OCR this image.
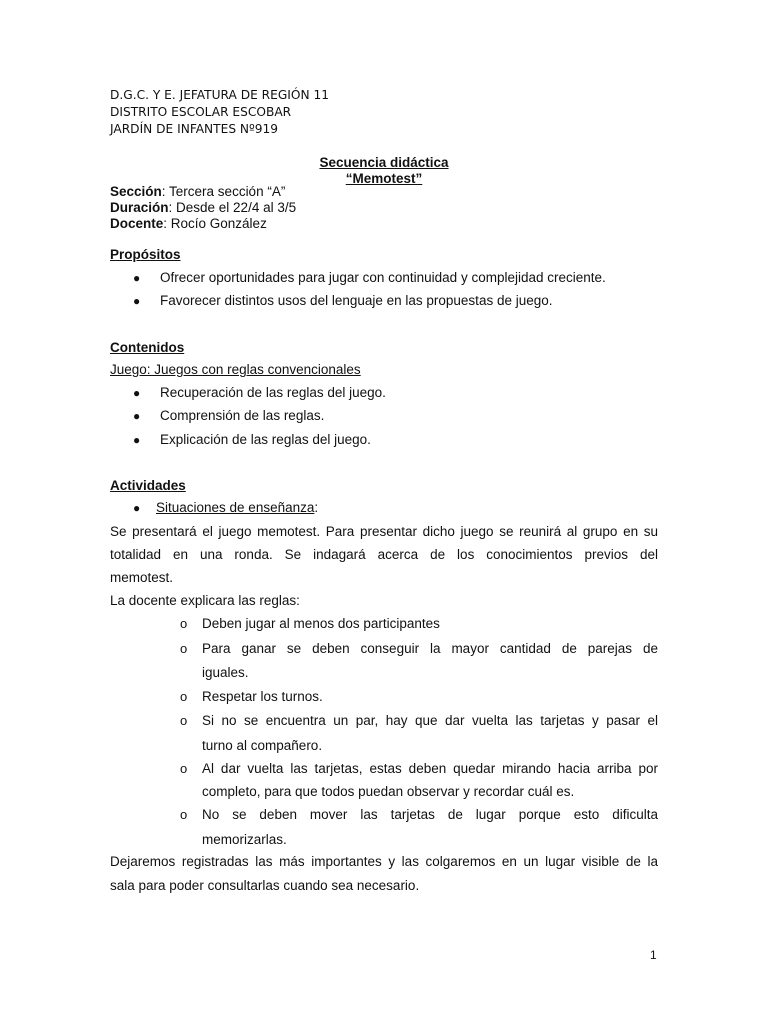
D.G.C. Y E. JEFATURA DE REGIÓN 11
DISTRITO ESCOLAR ESCOBAR
JARDÍN DE INFANTES Nº919
Secuencia didáctica
“Memotest”
Sección: Tercera sección “A”
Duración: Desde el 22/4 al 3/5
Docente: Rocío González
Propósitos
● Ofrecer oportunidades para jugar con continuidad y complejidad creciente.
● Favorecer distintos usos del lenguaje en las propuestas de juego.
Contenidos
Juego: Juegos con reglas convencionales
● Recuperación de las reglas del juego.
● Comprensión de las reglas.
● Explicación de las reglas del juego.
Actividades
● Situaciones de enseñanza:
Se presentará el juego memotest. Para presentar dicho juego se reunirá al grupo en su
totalidad en una ronda. Se indagará acerca de los conocimientos previos del
memotest.
La docente explicara las reglas:
o Deben jugar al menos dos participantes
o Para ganar se deben conseguir la mayor cantidad de parejas de
iguales.
o Respetar los turnos.
o Si no se encuentra un par, hay que dar vuelta las tarjetas y pasar el
turno al compañero.
o Al dar vuelta las tarjetas, estas deben quedar mirando hacia arriba por
completo, para que todos puedan observar y recordar cuál es.
o No se deben mover las tarjetas de lugar porque esto dificulta
memorizarlas.
Dejaremos registradas las más importantes y las colgaremos en un lugar visible de la
sala para poder consultarlas cuando sea necesario.
1
